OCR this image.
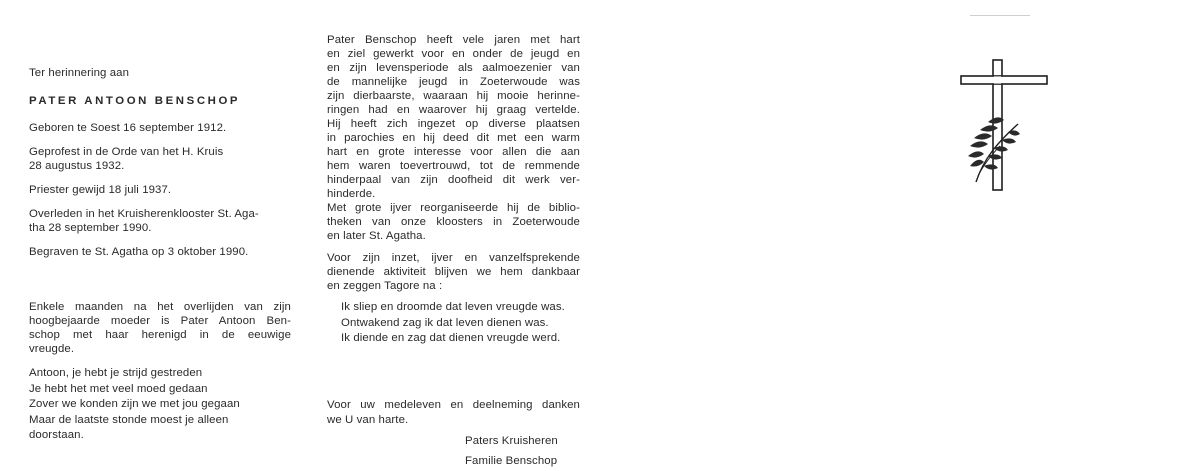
Ter herinnering aan

PATER ANTOON BENSCHOP

Geboren te Soest 16 september 1912.

Geprofest in de Orde van het H. Kruis
28 augustus 1932.

Priester gewijd 18 juli 1937.

Overleden in het Kruisherenklooster St. Aga-
tha 28 september 1990.

Begraven te St. Agatha op 3 oktober 1990.

Enkele maanden na het overlijden van zijn
hoogbejaarde moeder is Pater Antoon Ben-
schop met haar herenigd in de eeuwige
vreugde.

Antoon, je hebt je strijd gestreden
Je hebt het met veel moed gedaan
Zover we konden zijn we met jou gegaan
Maar de laatste stonde moest je alleen
doorstaan.

Pater Benschop heeft vele jaren met hart
en ziel gewerkt voor en onder de jeugd en
en zijn levensperiode als aalmoezenier van
de mannelijke jeugd in Zoeterwoude was
zijn dierbaarste, waaraan hij mooie herinne-
ringen had en waarover hij graag vertelde.

Hij heeft zich ingezet op diverse plaatsen
in parochies en hij deed dit met een warm
hart en grote interesse voor allen die aan
hem waren toevertrouwd, tot de remmende
hinderpaal van zijn doofheid dit werk ver-
hinderde.

Met grote ijver reorganiseerde hij de biblio-
theken van onze kloosters in Zoeterwoude
en later St. Agatha.

Voor zijn inzet, ijver en vanzelfsprekende
dienende aktiviteit blijven we hem dankbaar
en zeggen Tagore na :

Ik sliep en droomde dat leven vreugde was.
Ontwakend zag ik dat leven dienen was.
Ik diende en zag dat dienen vreugde werd.

Voor uw medeleven en deelneming danken
we U van harte.

Paters Kruisheren
Familie Benschop
